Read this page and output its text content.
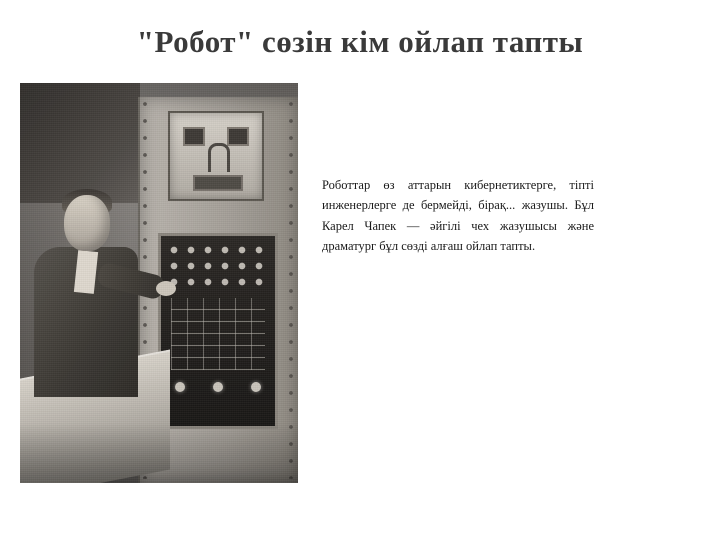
"Робот" сөзін кім ойлап тапты

Роботтар өз аттарын кибернетиктерге, тіпті инженерлерге де бермейді, бірақ... жазушы. Бұл Карел Чапек — әйгілі чех жазушысы және драматург бұл сөзді алғаш ойлап тапты.
